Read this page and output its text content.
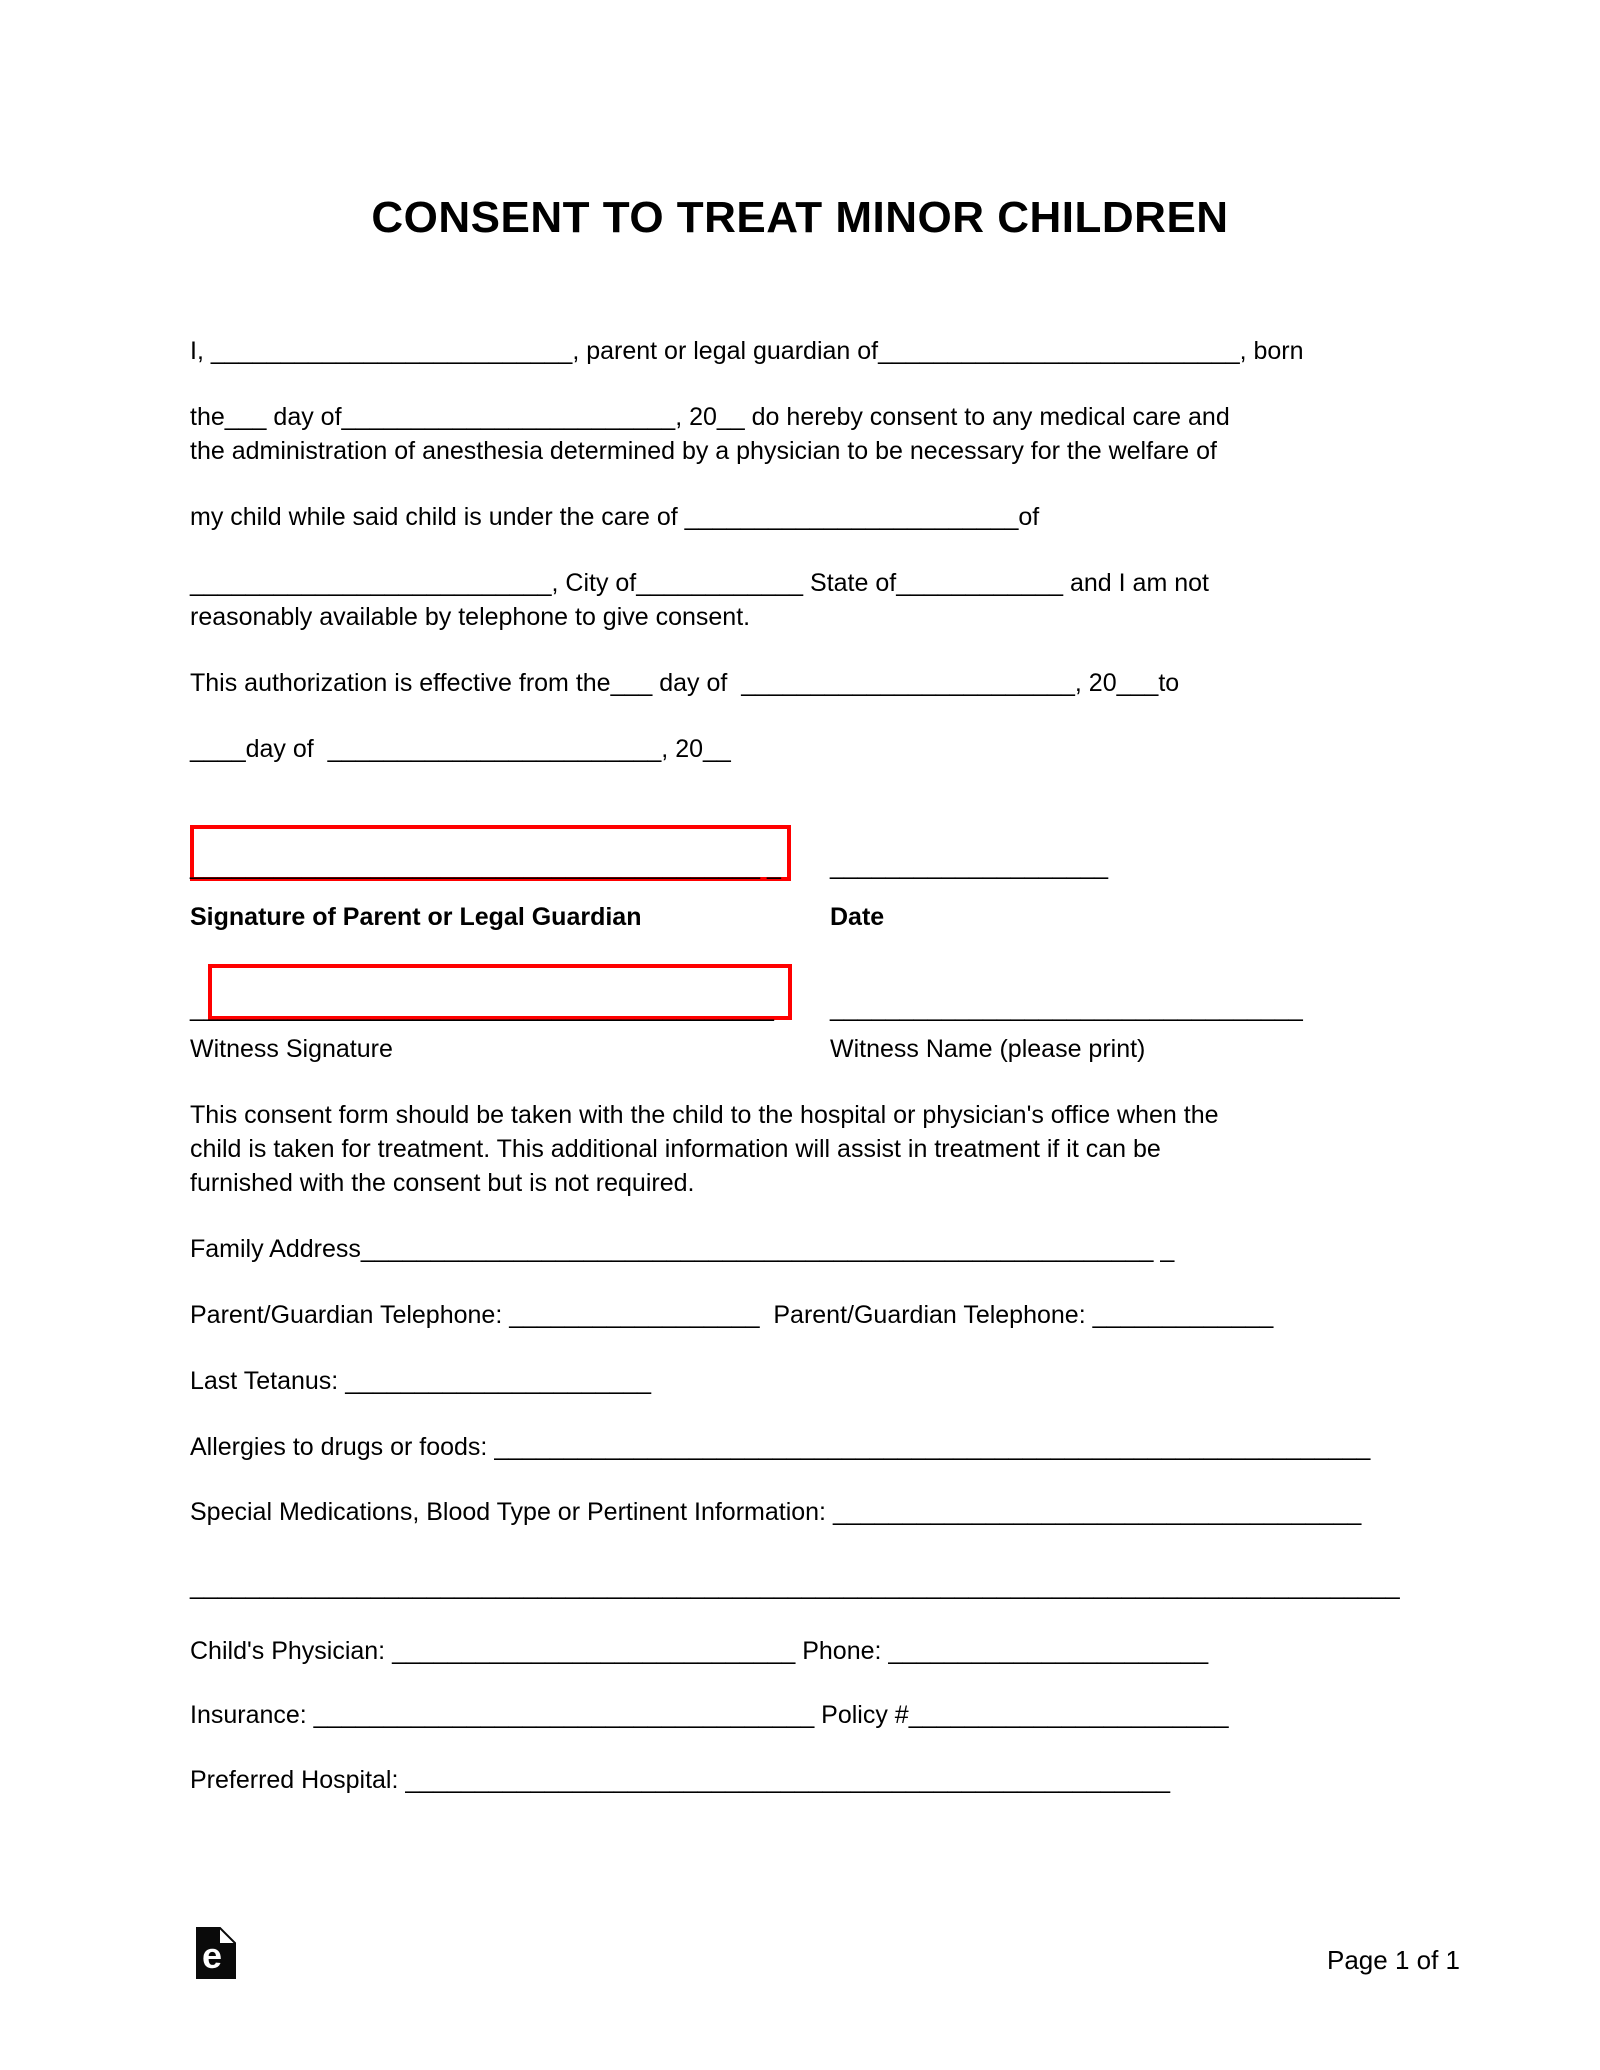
CONSENT TO TREAT MINOR CHILDREN
I, __________________________, parent or legal guardian of__________________________, born
the___ day of________________________, 20__ do hereby consent to any medical care and
the administration of anesthesia determined by a physician to be necessary for the welfare of
my child while said child is under the care of ________________________of
__________________________, City of____________ State of____________ and I am not
reasonably available by telephone to give consent.
This authorization is effective from the___ day of  ________________________, 20___to
____day of  ________________________, 20__
_________________________________________ _ ____________________
Signature of Parent or Legal Guardian	Date
__________________________________________ __________________________________
Witness Signature	Witness Name (please print)
This consent form should be taken with the child to the hospital or physician's office when the
child is taken for treatment. This additional information will assist in treatment if it can be
furnished with the consent but is not required.
Family Address_________________________________________________________ _
Parent/Guardian Telephone: __________________  Parent/Guardian Telephone: _____________
Last Tetanus: ______________________
Allergies to drugs or foods: _______________________________________________________________
Special Medications, Blood Type or Pertinent Information: ______________________________________
_______________________________________________________________________________________
Child's Physician: _____________________________ Phone: _______________________
Insurance: ____________________________________ Policy #_______________________
Preferred Hospital: _______________________________________________________
e	Page 1 of 1
